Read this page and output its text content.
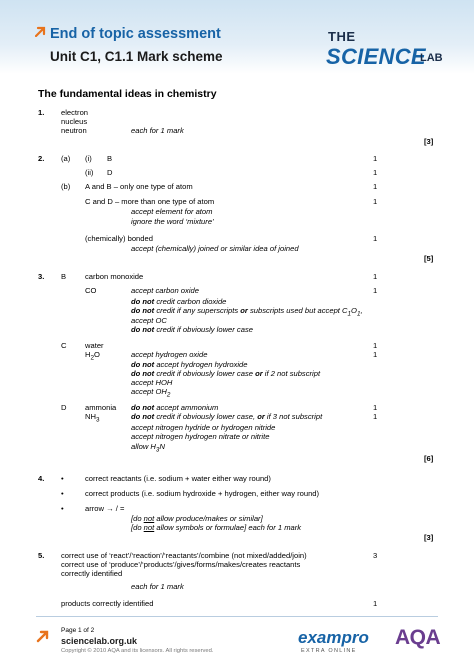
End of topic assessment
Unit C1, C1.1 Mark scheme
THE
SCIENCE
LAB
The fundamental ideas in chemistry
1. electron
nucleus
neutron	each for 1 mark
[3]
2. (a) (i) B	1
(ii) D	1
(b) A and B – only one type of atom	1
C and D – more than one type of atom	1
accept element for atom
ignore the word ‘mixture’
(chemically) bonded	1
accept (chemically) joined or similar idea of joined
[5]
3. B carbon monoxide	1
CO	accept carbon oxide	1
do not credit carbon dioxide
do not credit if any superscripts or subscripts used but accept $C_1O_1$,
accept OC
do not credit if obviously lower case
C water	1
$H_2O$	accept hydrogen oxide	1
do not accept hydrogen hydroxide
do not credit if obviously lower case or if 2 not subscript
accept HOH
accept $OH_2$
D ammonia do not accept ammonium	1
$NH_3$	do not credit if obviously lower case, or if 3 not subscript	1
accept nitrogen hydride or hydrogen nitride
accept nitrogen hydrogen nitrate or nitrite
allow $H_3N$
[6]
4. •	correct reactants (i.e. sodium + water either way round)
•	correct products (i.e. sodium hydroxide + hydrogen, either way round)
•	arrow → / =
[do not allow produce/makes or similar]
[do not allow symbols or formulae] each for 1 mark
[3]
5. correct use of ‘react’/‘reaction’/‘reactants’/combine (not mixed/added/join)	3
correct use of ‘produce’/‘products’/gives/forms/makes/creates reactants
correctly identified
each for 1 mark
products correctly identified	1
Page 1 of 2
sciencelab.org.uk
Copyright © 2010 AQA and its licensors. All rights reserved.
exampro
EXTRA ONLINE
AQA
